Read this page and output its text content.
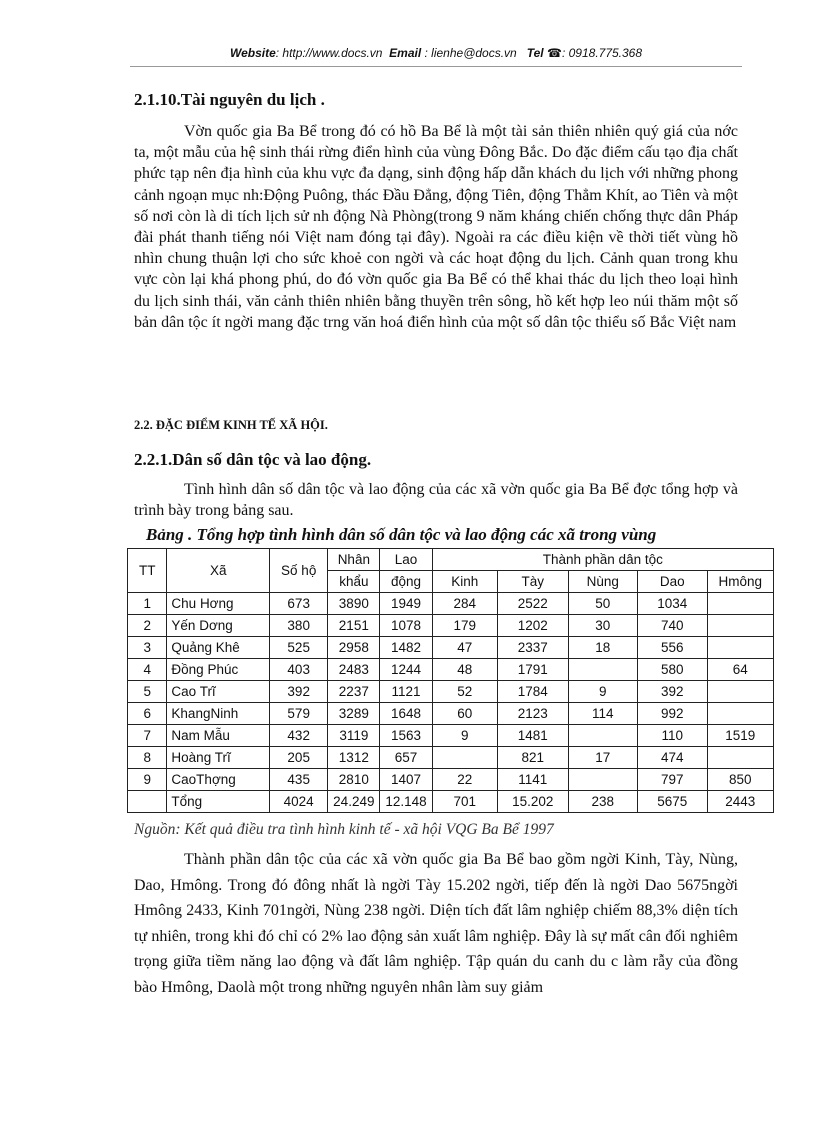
Website: http://www.docs.vn Email : lienhe@docs.vn Tel ☎: 0918.775.368
2.1.10.Tài nguyên du lịch .
Vờn quốc gia Ba Bể trong đó có hồ Ba Bể là một tài sản thiên nhiên quý giá của nớc ta, một mẫu của hệ sinh thái rừng điển hình của vùng Đông Bắc. Do đặc điểm cấu tạo địa chất phức tạp nên địa hình của khu vực đa dạng, sinh động hấp dẫn khách du lịch với những phong cảnh ngoạn mục nh:Động Puông, thác Đầu Đẳng, động Tiên, động Thẳm Khít, ao Tiên và một số nơi còn là di tích lịch sử nh động Nà Phòng(trong 9 năm kháng chiến chống thực dân Pháp đài phát thanh tiếng nói Việt nam đóng tại đây). Ngoài ra các điều kiện về thời tiết vùng hồ nhìn chung thuận lợi cho sức khoẻ con ngời và các hoạt động du lịch. Cảnh quan trong khu vực còn lại khá phong phú, do đó vờn quốc gia Ba Bể có thể khai thác du lịch theo loại hình du lịch sinh thái, văn cảnh thiên nhiên bằng thuyền trên sông, hồ kết hợp leo núi thăm một số bản dân tộc ít ngời mang đặc trng văn hoá điển hình của một số dân tộc thiểu số Bắc Việt nam
2.2. ĐẶC ĐIỂM KINH TẾ XÃ HỘI.
2.2.1.Dân số dân tộc và lao động.
Tình hình dân số dân tộc và lao động của các xã vờn quốc gia Ba Bể đợc tổng hợp và trình bày trong bảng sau.
Bảng . Tổng hợp tình hình dân số dân tộc và lao động các xã trong vùng
TT	Xã	Số hộ	Nhân	Lao	Thành phần dân tộc				
			khẩu	động	Kinh	Tày	Nùng	Dao	Hmông
1	Chu Hơng	673	3890	1949	284	2522	50	1034	
2	Yến Dơng	380	2151	1078	179	1202	30	740	
3	Quảng Khê	525	2958	1482	47	2337	18	556	
4	Đồng Phúc	403	2483	1244	48	1791		580	64
5	Cao Trĩ	392	2237	1121	52	1784	9	392	
6	KhangNinh	579	3289	1648	60	2123	114	992	
7	Nam Mẫu	432	3119	1563	9	1481		110	1519
8	Hoàng Trĩ	205	1312	657		821	17	474	
9	CaoThợng	435	2810	1407	22	1141		797	850
	Tổng	4024	24.249	12.148	701	15.202	238	5675	2443
Nguồn: Kết quả điều tra tình hình kinh tế - xã hội VQG Ba Bể 1997
Thành phần dân tộc của các xã vờn quốc gia Ba Bể bao gồm ngời Kinh, Tày, Nùng, Dao, Hmông. Trong đó đông nhất là ngời Tày 15.202 ngời, tiếp đến là ngời Dao 5675ngời Hmông 2433, Kinh 701ngời, Nùng 238 ngời. Diện tích đất lâm nghiệp chiếm 88,3% diện tích tự nhiên, trong khi đó chỉ có 2% lao động sản xuất lâm nghiệp. Đây là sự mất cân đối nghiêm trọng giữa tiềm năng lao động và đất lâm nghiệp. Tập quán du canh du c làm rẫy của đồng bào Hmông, Daolà một trong những nguyên nhân làm suy giảm
